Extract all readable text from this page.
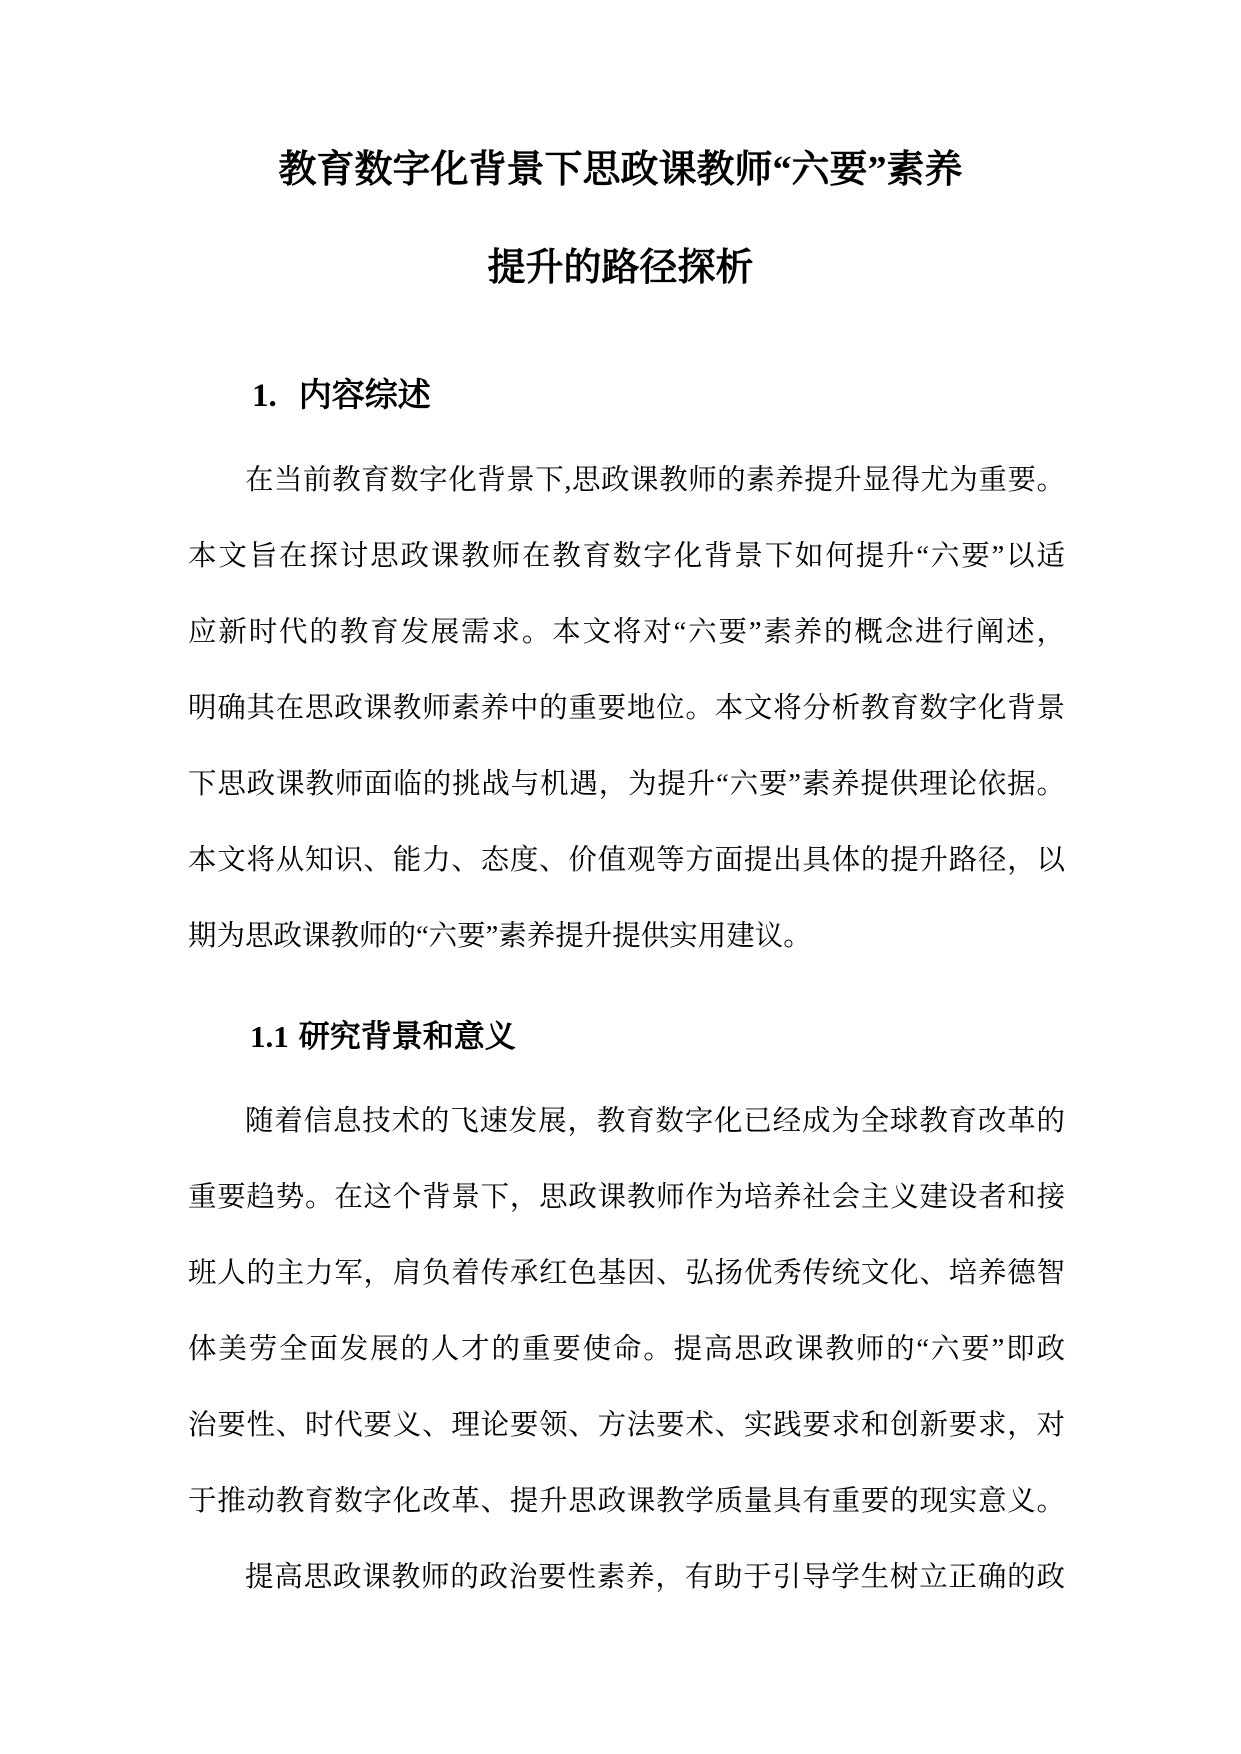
教育数字化背景下思政课教师“六要”素养
提升的路径探析
1. 内容综述
在当前教育数字化背景下,思政课教师的素养提升显得尤为重要。
本文旨在探讨思政课教师在教育数字化背景下如何提升“六要”以适
应新时代的教育发展需求。本文将对“六要”素养的概念进行阐述，
明确其在思政课教师素养中的重要地位。本文将分析教育数字化背景
下思政课教师面临的挑战与机遇，为提升“六要”素养提供理论依据。
本文将从知识、能力、态度、价值观等方面提出具体的提升路径，以
期为思政课教师的“六要”素养提升提供实用建议。
1.1 研究背景和意义
随着信息技术的飞速发展，教育数字化已经成为全球教育改革的
重要趋势。在这个背景下，思政课教师作为培养社会主义建设者和接
班人的主力军，肩负着传承红色基因、弘扬优秀传统文化、培养德智
体美劳全面发展的人才的重要使命。提高思政课教师的“六要”即政
治要性、时代要义、理论要领、方法要术、实践要求和创新要求，对
于推动教育数字化改革、提升思政课教学质量具有重要的现实意义。
提高思政课教师的政治要性素养，有助于引导学生树立正确的政
